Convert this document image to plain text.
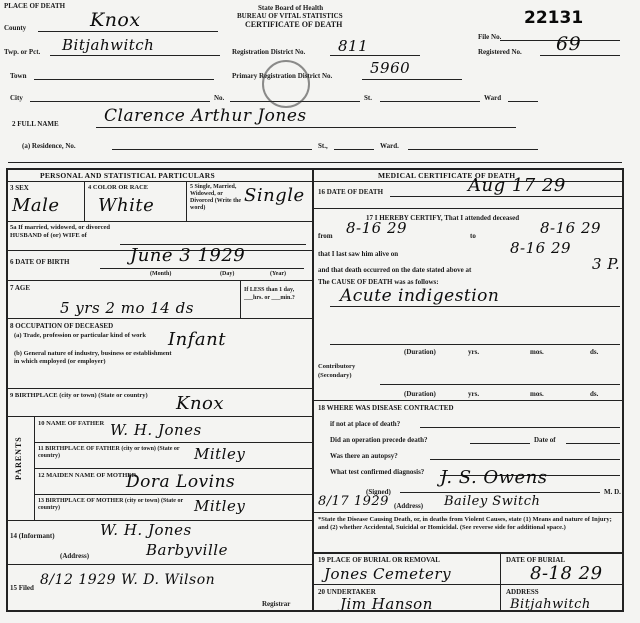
PLACE OF DEATH
County	Knox
State Board of Health
BUREAU OF VITAL STATISTICS
CERTIFICATE OF DEATH
File No.
22131
Twp. or Pct. Bitjahwitch	Registration District No. 811	Registered No. 69
Town	Primary Registration District No.	5960
City	No.	St.	Ward
2 FULL NAME	Clarence Arthur Jones
(a) Residence, No.	St.,	Ward.
PERSONAL AND STATISTICAL PARTICULARS	MEDICAL CERTIFICATE OF DEATH
3 SEX
Male
4 COLOR OR RACE
White
5 Single, Married, Widowed, or Divorced (Write the word)
Single
5a If married, widowed, or divorced HUSBAND of (or) WIFE of
6 DATE OF BIRTH	June 3 1929
(Month)	(Day)	(Year)
7 AGE
5 yrs 2 mo 14 ds
If LESS than 1 day, ___hrs. or ___min.?
8 OCCUPATION OF DECEASED
(a) Trade, profession or particular kind of work	Infant
(b) General nature of industry, business or establishment in which employed (or employer)
9 BIRTHPLACE (city or town) (State or country) Knox
PARENTS
10 NAME OF FATHER W. H. Jones
11 BIRTHPLACE OF FATHER (city or town) (State or country)	Mitley
12 MAIDEN NAME OF MOTHER
Dora Lovins
13 BIRTHPLACE OF MOTHER (city or town) (State or country)	Mitley
14 (Informant)	W. H. Jones
(Address)	Barbyville
15 Filed 8/12 1929 W. D. Wilson
Registrar
16 DATE OF DEATH	Aug 17 29
17 I HEREBY CERTIFY, That I attended deceased
from 8-16 29	to	8-16 29
that I last saw him alive on	8-16 29
and that death occurred on the date stated above at	3 P.
The CAUSE OF DEATH was as follows:
Acute indigestion
(Duration)	yrs.	mos.	ds.
Contributory (Secondary)
(Duration)	yrs.	mos.	ds.
18 WHERE WAS DISEASE CONTRACTED
if not at place of death?
Did an operation precede death?	Date of
Was there an autopsy?
What test confirmed diagnosis?
(Signed)
J. S. Owens
M. D.
8/17 1929 (Address) Bailey Switch
*State the Disease Causing Death, or, in deaths from Violent Causes, state (1) Means and nature of Injury; and (2) whether Accidental, Suicidal or Homicidal. (See reverse side for additional space.)
19 PLACE OF BURIAL OR REMOVAL
Jones Cemetery
DATE OF BURIAL
8-18 29
20 UNDERTAKER
Jim Hanson
ADDRESS
Bitjahwitch
